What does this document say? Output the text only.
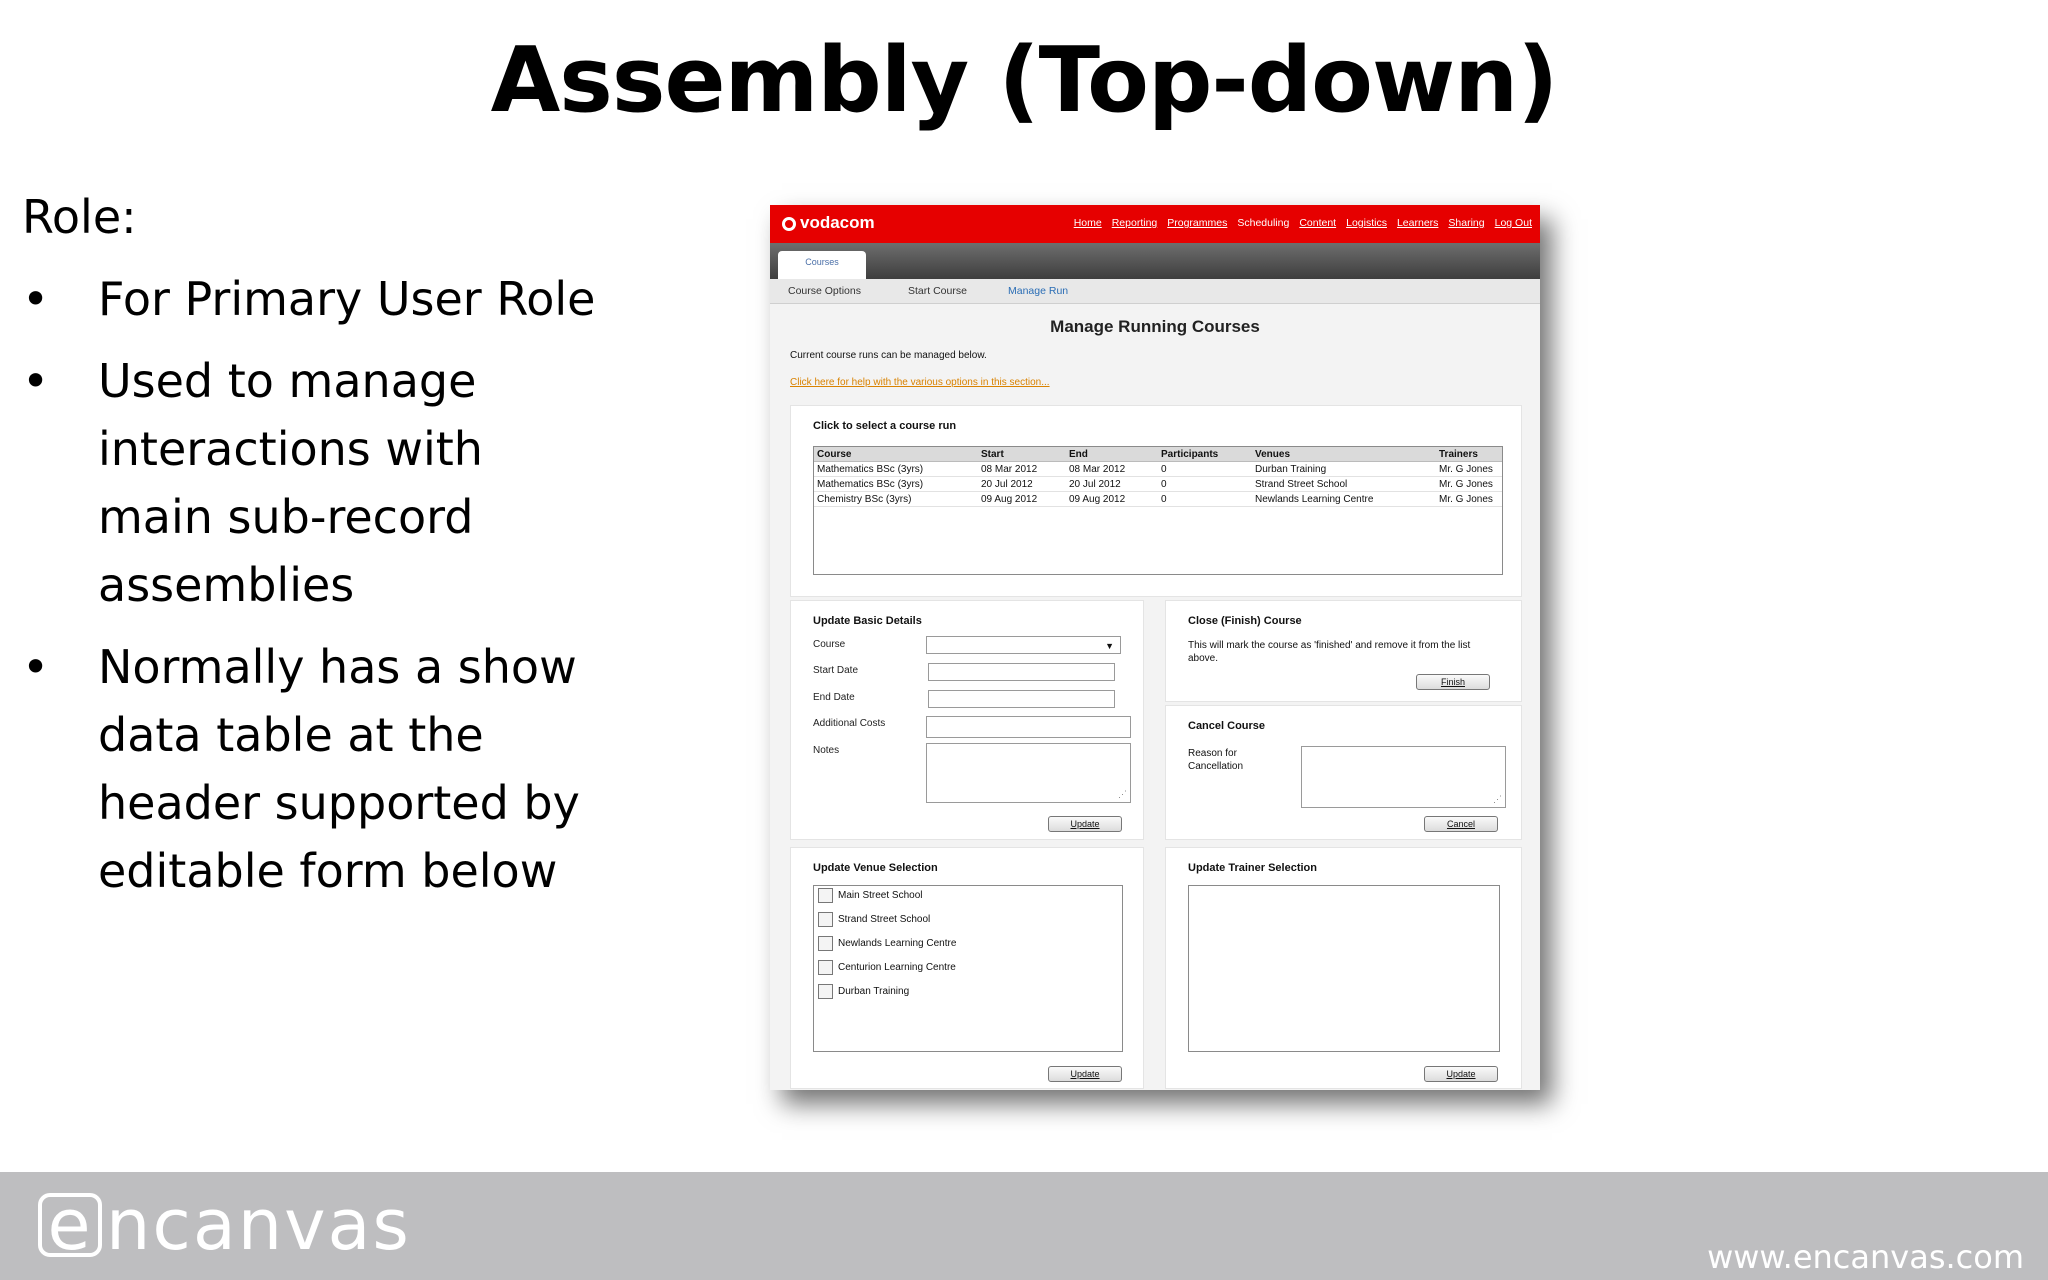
Assembly (Top-down)
Role:
• For Primary User Role
• Used to manage interactions with main sub-record assemblies
• Normally has a show data table at the header supported by editable form below
vodacom	Home Reporting Programmes Scheduling Content Logistics Learners Sharing Log Out
Courses
Course Options	Start Course	Manage Run
Manage Running Courses
Current course runs can be managed below.
Click here for help with the various options in this section...
Click to select a course run
Course	Start	End	Participants	Venues	Trainers
Mathematics BSc (3yrs)	08 Mar 2012	08 Mar 2012	0	Durban Training	Mr. G Jones
Mathematics BSc (3yrs)	20 Jul 2012	20 Jul 2012	0	Strand Street School	Mr. G Jones
Chemistry BSc (3yrs)	09 Aug 2012	09 Aug 2012	0	Newlands Learning Centre	Mr. G Jones
Update Basic Details
Course	▼
Start Date
End Date
Additional Costs
Notes
⋰
Update
Close (Finish) Course
This will mark the course as 'finished' and remove it from the list above.
Finish
Cancel Course
Reason for Cancellation
⋰
Cancel
Update Venue Selection
Main Street School
Strand Street School
Newlands Learning Centre
Centurion Learning Centre
Durban Training
Update
Update Trainer Selection
Update
e ncanvas	www.encanvas.com
